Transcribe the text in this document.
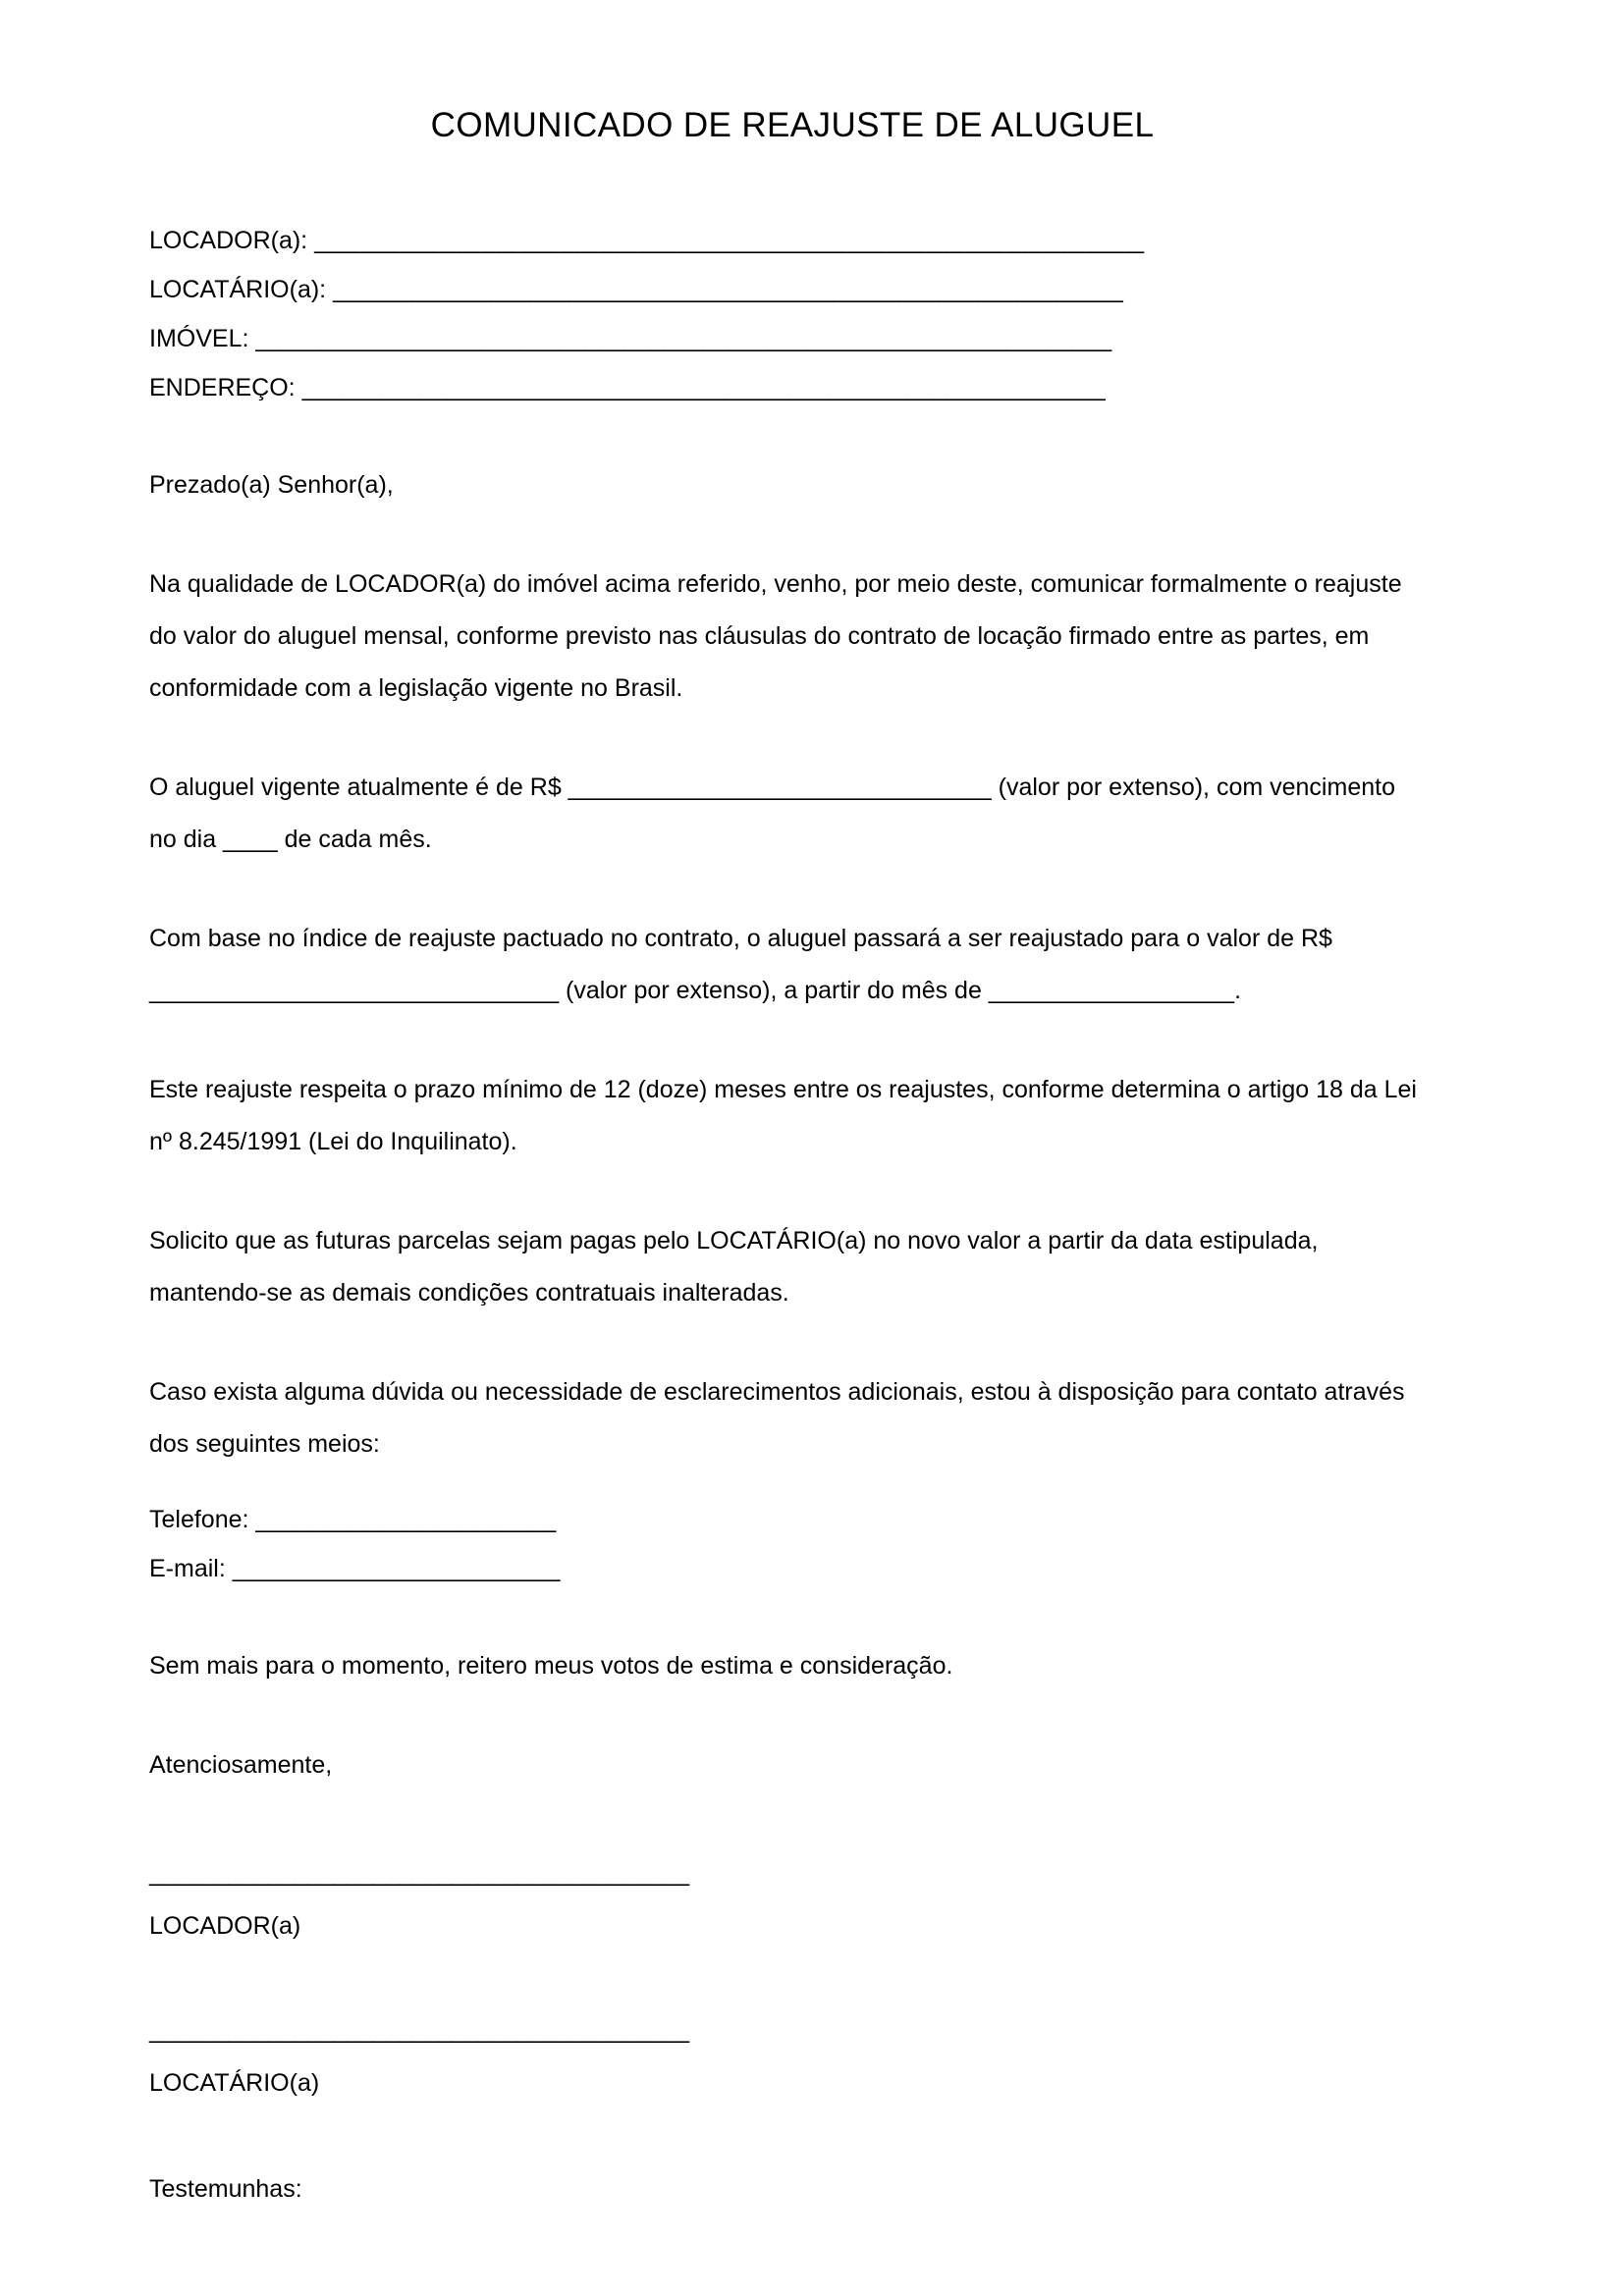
COMUNICADO DE REAJUSTE DE ALUGUEL
LOCADOR(a): _______________________________________________________________
LOCATÁRIO(a): ____________________________________________________________
IMÓVEL: _________________________________________________________________
ENDEREÇO: _____________________________________________________________

Prezado(a) Senhor(a),

Na qualidade de LOCADOR(a) do imóvel acima referido, venho, por meio deste, comunicar formalmente o reajuste do valor do aluguel mensal, conforme previsto nas cláusulas do contrato de locação firmado entre as partes, em conformidade com a legislação vigente no Brasil.

O aluguel vigente atualmente é de R$ _______________________________ (valor por extenso), com vencimento no dia ____ de cada mês.

Com base no índice de reajuste pactuado no contrato, o aluguel passará a ser reajustado para o valor de R$ ______________________________ (valor por extenso), a partir do mês de __________________.

Este reajuste respeita o prazo mínimo de 12 (doze) meses entre os reajustes, conforme determina o artigo 18 da Lei nº 8.245/1991 (Lei do Inquilinato).

Solicito que as futuras parcelas sejam pagas pelo LOCATÁRIO(a) no novo valor a partir da data estipulada, mantendo-se as demais condições contratuais inalteradas.

Caso exista alguma dúvida ou necessidade de esclarecimentos adicionais, estou à disposição para contato através dos seguintes meios:

Telefone: ______________________
E-mail: ________________________

Sem mais para o momento, reitero meus votos de estima e consideração.

Atenciosamente,

_________________________________________
LOCADOR(a)
_________________________________________
LOCATÁRIO(a)
Testemunhas:
